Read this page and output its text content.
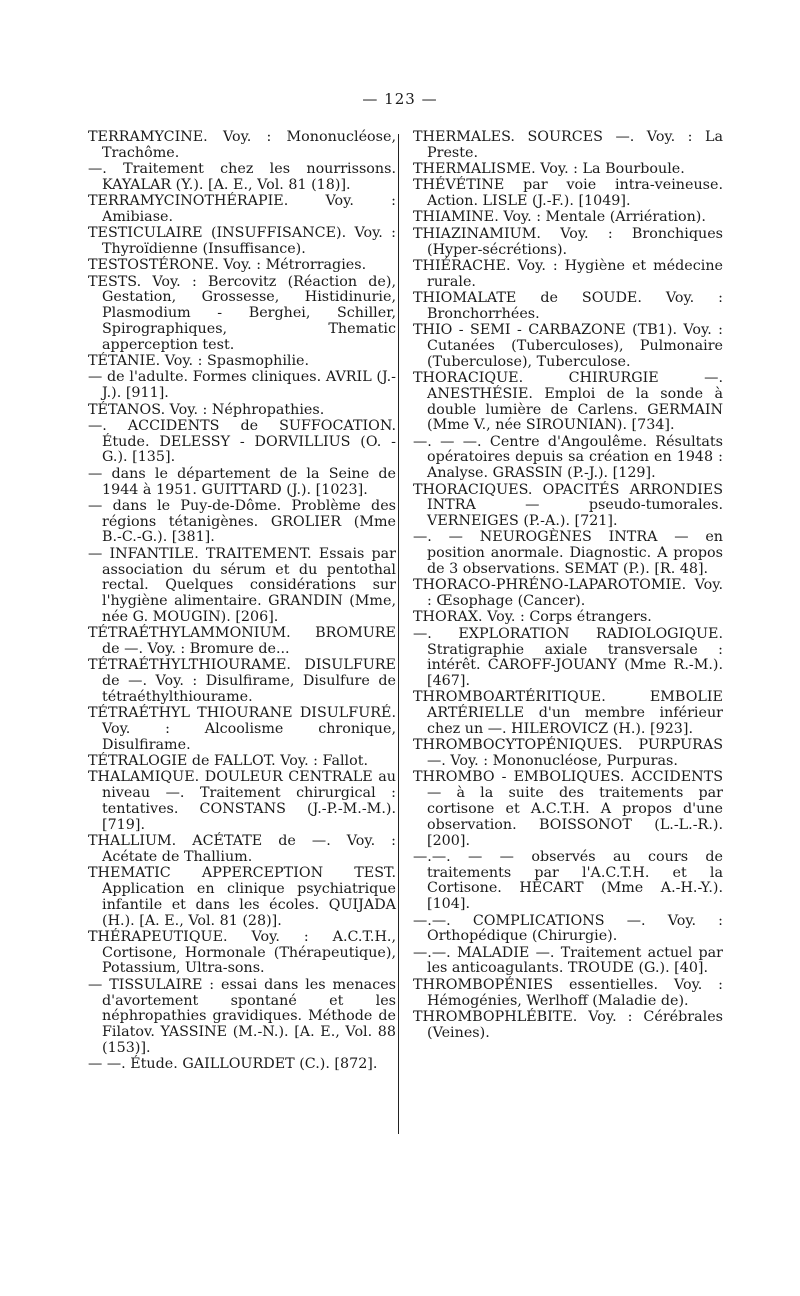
— 123 —
TERRAMYCINE. Voy. : Mononucléose, Trachôme.
—. Traitement chez les nourrissons. KAYALAR (Y.). [A. E., Vol. 81 (18)].
TERRAMYCINOTHÉRAPIE.	Voy. : Amibiase.
TESTICULAIRE (INSUFFISANCE). Voy. : Thyroïdienne (Insuffisance).
TESTOSTÉRONE. Voy. : Métrorragies.
TESTS. Voy. : Bercovitz (Réaction de), Gestation, Grossesse, Histidinurie, Plasmodium - Berghei, Schiller, Spirographiques, Thematic apperception test.
TÉTANIE. Voy. : Spasmophilie.
— de l'adulte. Formes cliniques. AVRIL (J.-J.). [911].
TÉTANOS. Voy. : Néphropathies.
—. ACCIDENTS de SUFFOCATION. Étude. DELESSY - DORVILLIUS (O. - G.). [135].
— dans le département de la Seine de 1944 à 1951. GUITTARD (J.). [1023].
— dans le Puy-de-Dôme. Problème des régions tétanigènes. GROLIER (Mme B.-C.-G.). [381].
— INFANTILE. TRAITEMENT. Essais par association du sérum et du pentothal rectal. Quelques considérations sur l'hygiène alimentaire. GRANDIN (Mme, née G. MOUGIN). [206].
TÉTRAÉTHYLAMMONIUM. BROMURE de —. Voy. : Bromure de...
TÉTRAÉTHYLTHIOURAME. DISULFURE de —. Voy. : Disulfirame, Disulfure de tétraéthylthiourame.
TÉTRAÉTHYL THIOURANE DISULFURÉ. Voy. : Alcoolisme chronique, Disulfirame.
TÉTRALOGIE de FALLOT. Voy. : Fallot.
THALAMIQUE. DOULEUR CENTRALE au niveau —. Traitement chirurgical : tentatives. CONSTANS (J.-P.-M.-M.). [719].
THALLIUM. ACÉTATE de —. Voy. : Acétate de Thallium.
THEMATIC APPERCEPTION TEST. Application en clinique psychiatrique infantile et dans les écoles. QUIJADA (H.). [A. E., Vol. 81 (28)].
THÉRAPEUTIQUE. Voy. : A.C.T.H., Cortisone, Hormonale (Thérapeutique), Potassium, Ultra-sons.
— TISSULAIRE : essai dans les menaces d'avortement spontané et les néphropathies gravidiques. Méthode de Filatov. YASSINE (M.-N.). [A. E., Vol. 88 (153)].
— —. Étude. GAILLOURDET (C.). [872].
THERMALES. SOURCES —. Voy. : La Preste.
THERMALISME. Voy. : La Bourboule.
THÉVÉTINE par voie intra-veineuse. Action. LISLE (J.-F.). [1049].
THIAMINE. Voy. : Mentale (Arriération).
THIAZINAMIUM. Voy. : Bronchiques (Hyper-sécrétions).
THIÉRACHE. Voy. : Hygiène et médecine rurale.
THIOMALATE de SOUDE. Voy. : Bronchorrhées.
THIO - SEMI - CARBAZONE (TB1). Voy. : Cutanées (Tuberculoses), Pulmonaire (Tuberculose), Tuberculose.
THORACIQUE.	CHIRURGIE —. ANESTHÉSIE. Emploi de la sonde à double lumière de Carlens. GERMAIN (Mme V., née SIROUNIAN). [734].
—. — —. Centre d'Angoulême. Résultats opératoires depuis sa création en 1948 : Analyse. GRASSIN (P.-J.). [129].
THORACIQUES. OPACITÉS ARRONDIES INTRA — pseudo-tumorales. VERNEIGES (P.-A.). [721].
—. — NEUROGÈNES INTRA — en position anormale. Diagnostic. A propos de 3 observations. SEMAT (P.). [R. 48].
THORACO-PHRÉNO-LAPAROTOMIE. Voy. : Œsophage (Cancer).
THORAX. Voy. : Corps étrangers.
—. EXPLORATION RADIOLOGIQUE. Stratigraphie axiale transversale : intérêt. CAROFF-JOUANY (Mme R.-M.). [467].
THROMBOARTÉRITIQUE.	EMBOLIE ARTÉRIELLE d'un membre inférieur chez un —. HILEROVICZ (H.). [923].
THROMBOCYTOPÉNIQUES. PURPURAS —. Voy. : Mononucléose, Purpuras.
THROMBO - EMBOLIQUES. ACCIDENTS — à la suite des traitements par cortisone et A.C.T.H. A propos d'une observation. BOISSONOT (L.-L.-R.). [200].
—.—. — — observés au cours de traitements par l'A.C.T.H. et la Cortisone. HÉCART (Mme A.-H.-Y.). [104].
—.—. COMPLICATIONS —. Voy. : Orthopédique (Chirurgie).
—.—. MALADIE —. Traitement actuel par les anticoagulants. TROUDE (G.). [40].
THROMBOPÉNIES essentielles. Voy. : Hémogénies, Werlhoff (Maladie de).
THROMBOPHLÉBITE. Voy. : Cérébrales (Veines).
